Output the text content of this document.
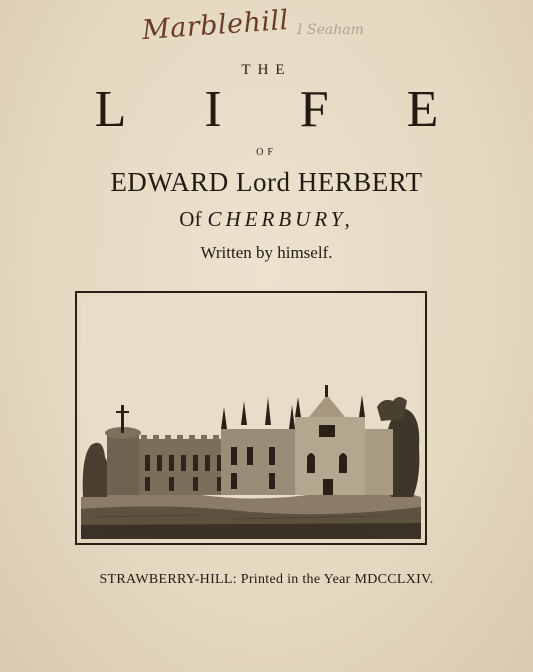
Marblehill I Seaham
THE
LIFE
OF
EDWARD Lord HERBERT
Of CHERBURY,
Written by himself.
STRAWBERRY-HILL: Printed in the Year MDCCLXIV.
